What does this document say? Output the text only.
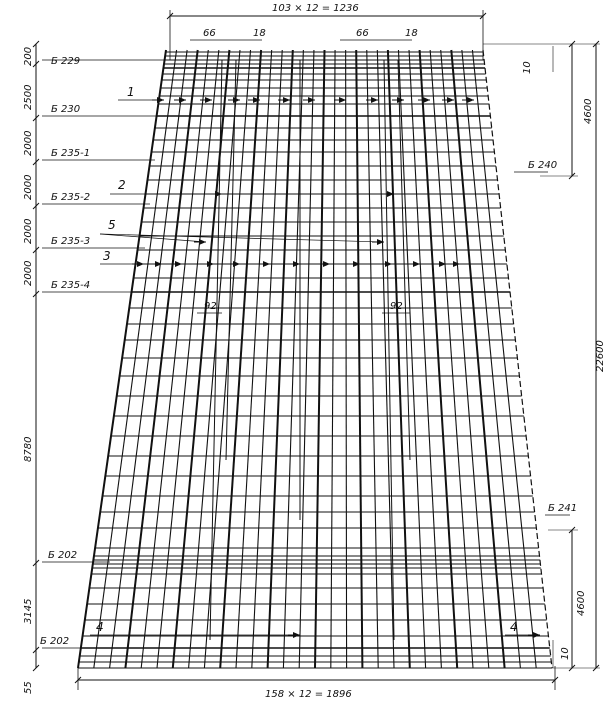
103 × 12 = 1236
66	18	66	18
158 × 12 = 1896
200
2500
2000
2000
2000
2000
8780
3145
55
10
4600
22600
4600
10
Б 229
Б 230
Б 235-1
Б 235-2
Б 235-3
Б 235-4
Б 202
Б 202
Б 240
Б 241
1
2
5
3
4	4
92	92
